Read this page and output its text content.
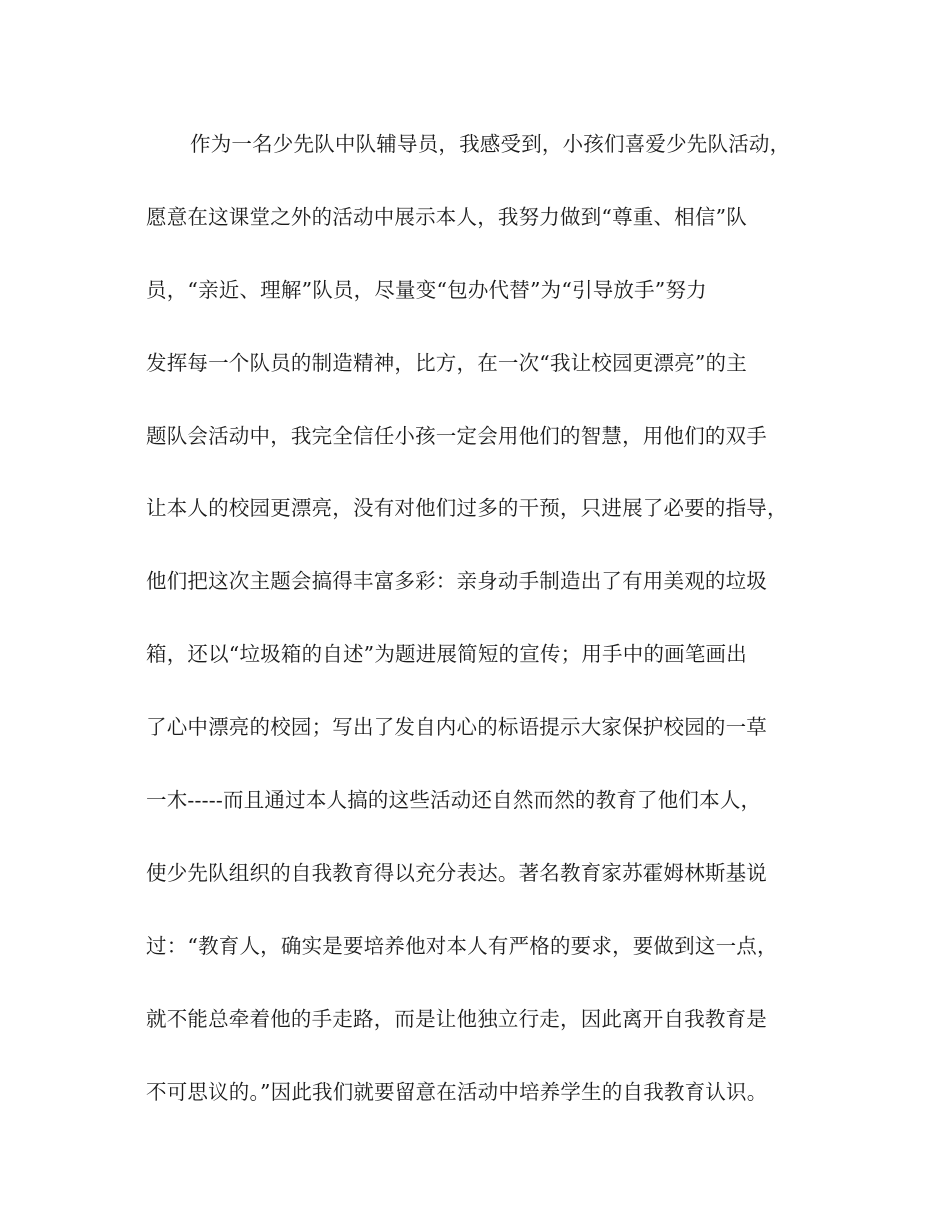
作为一名少先队中队辅导员，我感受到，小孩们喜爱少先队活动，
愿意在这课堂之外的活动中展示本人，我努力做到“尊重、相信”队
员，“亲近、理解”队员，尽量变“包办代替”为“引导放手”努力
发挥每一个队员的制造精神，比方，在一次“我让校园更漂亮”的主
题队会活动中，我完全信任小孩一定会用他们的智慧，用他们的双手
让本人的校园更漂亮，没有对他们过多的干预，只进展了必要的指导，
他们把这次主题会搞得丰富多彩：亲身动手制造出了有用美观的垃圾
箱，还以“垃圾箱的自述”为题进展简短的宣传；用手中的画笔画出
了心中漂亮的校园；写出了发自内心的标语提示大家保护校园的一草
一木-----而且通过本人搞的这些活动还自然而然的教育了他们本人，
使少先队组织的自我教育得以充分表达。著名教育家苏霍姆林斯基说
过：“教育人，确实是要培养他对本人有严格的要求，要做到这一点，
就不能总牵着他的手走路，而是让他独立行走，因此离开自我教育是
不可思议的。”因此我们就要留意在活动中培养学生的自我教育认识。
